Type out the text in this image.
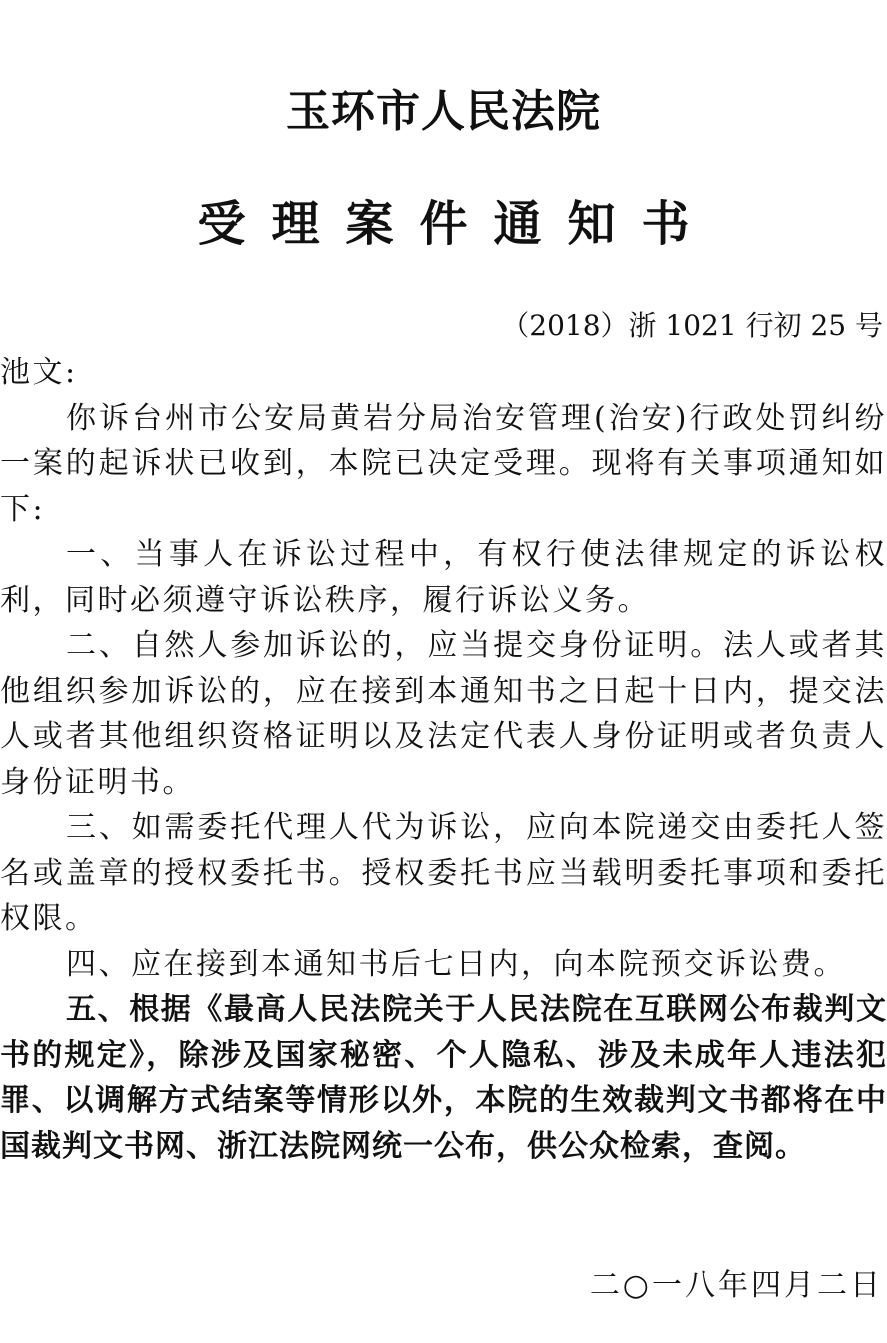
玉环市人民法院
受理案件通知书
（2018）浙 1021 行初 25 号

池文:

你诉台州市公安局黄岩分局治安管理(治安)行政处罚纠纷一案的起诉状已收到，本院已决定受理。现将有关事项通知如下:

一、当事人在诉讼过程中，有权行使法律规定的诉讼权利，同时必须遵守诉讼秩序，履行诉讼义务。

二、自然人参加诉讼的，应当提交身份证明。法人或者其他组织参加诉讼的，应在接到本通知书之日起十日内，提交法人或者其他组织资格证明以及法定代表人身份证明或者负责人身份证明书。

三、如需委托代理人代为诉讼，应向本院递交由委托人签名或盖章的授权委托书。授权委托书应当载明委托事项和委托权限。

四、应在接到本通知书后七日内，向本院预交诉讼费。

五、根据《最高人民法院关于人民法院在互联网公布裁判文书的规定》，除涉及国家秘密、个人隐私、涉及未成年人违法犯罪、以调解方式结案等情形以外，本院的生效裁判文书都将在中国裁判文书网、浙江法院网统一公布，供公众检索，查阅。

二○一八年四月二日
